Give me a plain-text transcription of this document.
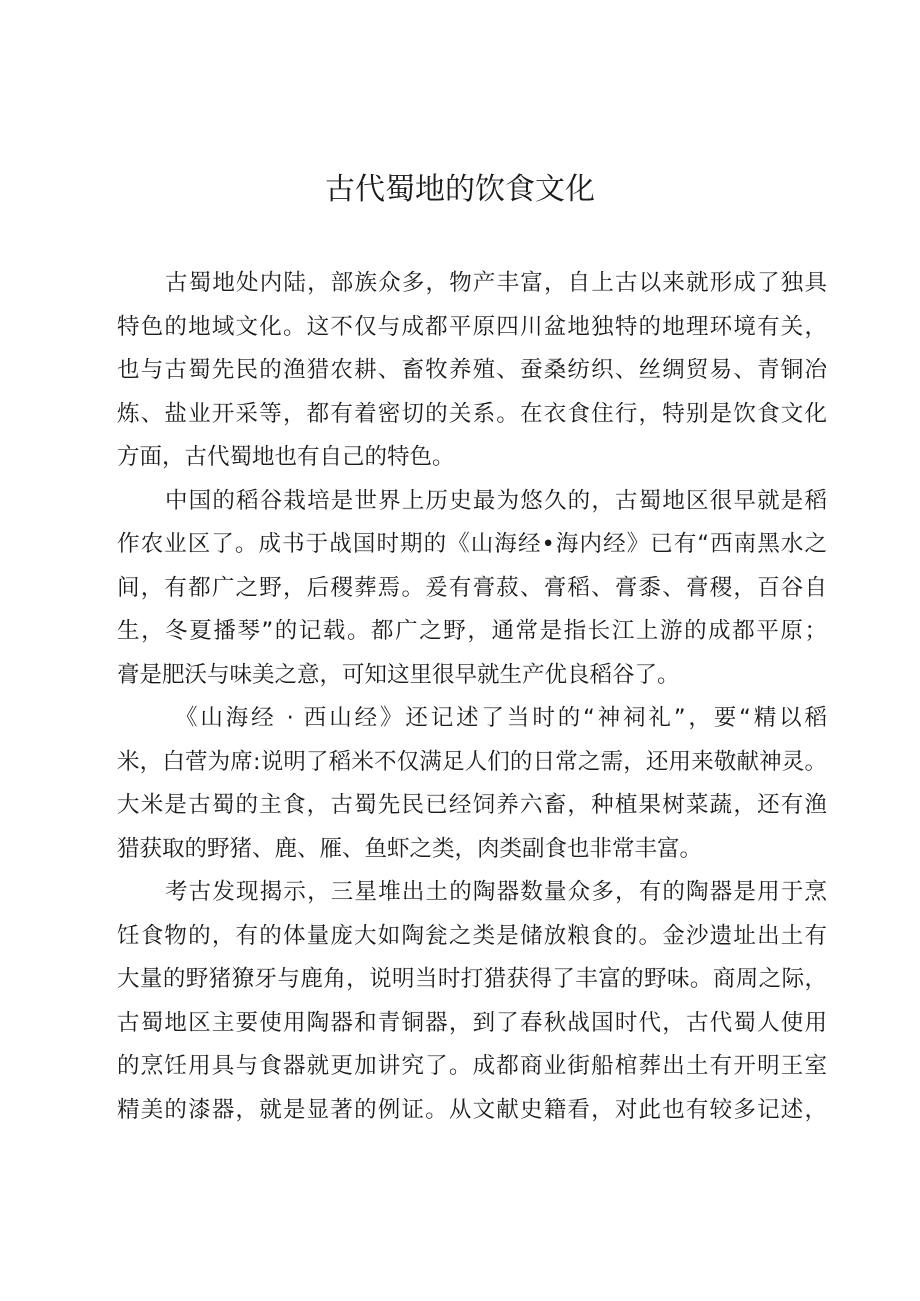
古代蜀地的饮食文化
古蜀地处内陆，部族众多，物产丰富，自上古以来就形成了独具
特色的地域文化。这不仅与成都平原四川盆地独特的地理环境有关，
也与古蜀先民的渔猎农耕、畜牧养殖、蚕桑纺织、丝绸贸易、青铜冶
炼、盐业开采等，都有着密切的关系。在衣食住行，特别是饮食文化
方面，古代蜀地也有自己的特色。
中国的稻谷栽培是世界上历史最为悠久的，古蜀地区很早就是稻
作农业区了。成书于战国时期的《山海经•海内经》已有“西南黑水之
间，有都广之野，后稷葬焉。爰有膏菽、膏稻、膏黍、膏稷，百谷自
生，冬夏播琴”的记载。都广之野，通常是指长江上游的成都平原；
膏是肥沃与味美之意，可知这里很早就生产优良稻谷了。
《山海经 · 西山经》还记述了当时的“神祠礼”，要“精以稻
米，白菅为席:说明了稻米不仅满足人们的日常之需，还用来敬献神灵。
大米是古蜀的主食，古蜀先民已经饲养六畜，种植果树菜蔬，还有渔
猎获取的野猪、鹿、雁、鱼虾之类，肉类副食也非常丰富。
考古发现揭示，三星堆出土的陶器数量众多，有的陶器是用于烹
饪食物的，有的体量庞大如陶瓮之类是储放粮食的。金沙遗址出土有
大量的野猪獠牙与鹿角，说明当时打猎获得了丰富的野味。商周之际，
古蜀地区主要使用陶器和青铜器，到了春秋战国时代，古代蜀人使用
的烹饪用具与食器就更加讲究了。成都商业街船棺葬出土有开明王室
精美的漆器，就是显著的例证。从文献史籍看，对此也有较多记述，
